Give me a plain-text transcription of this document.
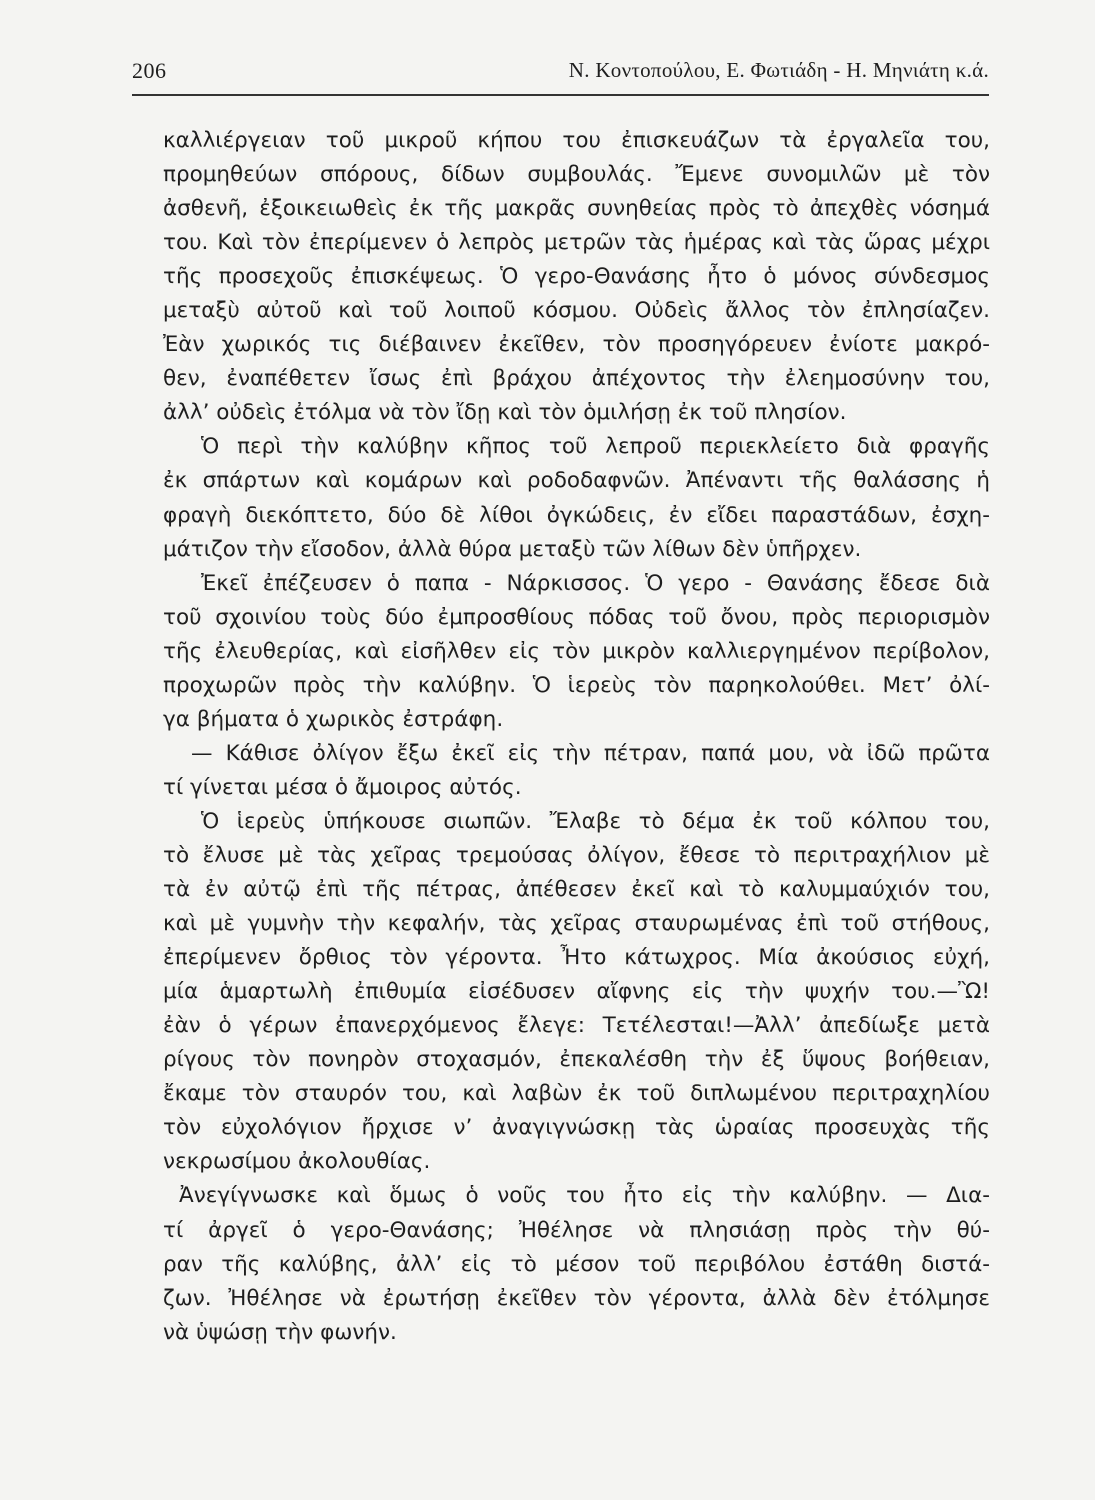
206	Ν. Κοντοπούλου, Ε. Φωτιάδη - Η. Μηνιάτη κ.ά.
καλλιέργειαν τοῦ μικροῦ κήπου του ἐπισκευάζων τὰ ἐργαλεῖα του,
προμηθεύων σπόρους, δίδων συμβουλάς. Ἔμενε συνομιλῶν μὲ τὸν
ἀσθενῆ, ἐξοικειωθεὶς ἐκ τῆς μακρᾶς συνηθείας πρὸς τὸ ἀπεχθὲς νόσημά
του. Καὶ τὸν ἐπερίμενεν ὁ λεπρὸς μετρῶν τὰς ἡμέρας καὶ τὰς ὥρας μέχρι
τῆς προσεχοῦς ἐπισκέψεως. Ὁ γερο-Θανάσης ἦτο ὁ μόνος σύνδεσμος
μεταξὺ αὐτοῦ καὶ τοῦ λοιποῦ κόσμου. Οὐδεὶς ἄλλος τὸν ἐπλησίαζεν.
Ἐὰν χωρικός τις διέβαινεν ἐκεῖθεν, τὸν προσηγόρευεν ἐνίοτε μακρό-
θεν, ἐναπέθετεν ἴσως ἐπὶ βράχου ἀπέχοντος τὴν ἐλεημοσύνην του,
ἀλλ’ οὐδεὶς ἐτόλμα νὰ τὸν ἴδῃ καὶ τὸν ὁμιλήσῃ ἐκ τοῦ πλησίον.
Ὁ περὶ τὴν καλύβην κῆπος τοῦ λεπροῦ περιεκλείετο διὰ φραγῆς
ἐκ σπάρτων καὶ κομάρων καὶ ροδοδαφνῶν. Ἀπέναντι τῆς θαλάσσης ἡ
φραγὴ διεκόπτετο, δύο δὲ λίθοι ὀγκώδεις, ἐν εἴδει παραστάδων, ἐσχη-
μάτιζον τὴν εἴσοδον, ἀλλὰ θύρα μεταξὺ τῶν λίθων δὲν ὑπῆρχεν.
Ἐκεῖ ἐπέζευσεν ὁ παπα - Νάρκισσος. Ὁ γερο - Θανάσης ἔδεσε διὰ
τοῦ σχοινίου τοὺς δύο ἐμπροσθίους πόδας τοῦ ὄνου, πρὸς περιορισμὸν
τῆς ἐλευθερίας, καὶ εἰσῆλθεν εἰς τὸν μικρὸν καλλιεργημένον περίβολον,
προχωρῶν πρὸς τὴν καλύβην. Ὁ ἱερεὺς τὸν παρηκολούθει. Μετ’ ὀλί-
γα βήματα ὁ χωρικὸς ἐστράφη.
— Κάθισε ὀλίγον ἔξω ἐκεῖ εἰς τὴν πέτραν, παπά μου, νὰ ἰδῶ πρῶτα
τί γίνεται μέσα ὁ ἄμοιρος αὐτός.
Ὁ ἱερεὺς ὑπήκουσε σιωπῶν. Ἔλαβε τὸ δέμα ἐκ τοῦ κόλπου του,
τὸ ἔλυσε μὲ τὰς χεῖρας τρεμούσας ὀλίγον, ἔθεσε τὸ περιτραχήλιον μὲ
τὰ ἐν αὐτῷ ἐπὶ τῆς πέτρας, ἀπέθεσεν ἐκεῖ καὶ τὸ καλυμμαύχιόν του,
καὶ μὲ γυμνὴν τὴν κεφαλήν, τὰς χεῖρας σταυρωμένας ἐπὶ τοῦ στήθους,
ἐπερίμενεν ὄρθιος τὸν γέροντα. Ἦτο κάτωχρος. Μία ἀκούσιος εὐχή,
μία ἁμαρτωλὴ ἐπιθυμία εἰσέδυσεν αἴφνης εἰς τὴν ψυχήν του.—Ὢ!
ἐὰν ὁ γέρων ἐπανερχόμενος ἔλεγε: Τετέλεσται!—Ἀλλ’ ἀπεδίωξε μετὰ
ρίγους τὸν πονηρὸν στοχασμόν, ἐπεκαλέσθη τὴν ἐξ ὕψους βοήθειαν,
ἔκαμε τὸν σταυρόν του, καὶ λαβὼν ἐκ τοῦ διπλωμένου περιτραχηλίου
τὸν εὐχολόγιον ἤρχισε ν’ ἀναγιγνώσκῃ τὰς ὡραίας προσευχὰς τῆς
νεκρωσίμου ἀκολουθίας.
Ἀνεγίγνωσκε καὶ ὅμως ὁ νοῦς του ἦτο εἰς τὴν καλύβην. — Δια-
τί ἀργεῖ ὁ γερο-Θανάσης; Ἠθέλησε νὰ πλησιάσῃ πρὸς τὴν θύ-
ραν τῆς καλύβης, ἀλλ’ εἰς τὸ μέσον τοῦ περιβόλου ἐστάθη διστά-
ζων. Ἠθέλησε νὰ ἐρωτήσῃ ἐκεῖθεν τὸν γέροντα, ἀλλὰ δὲν ἐτόλμησε
νὰ ὑψώσῃ τὴν φωνήν.
